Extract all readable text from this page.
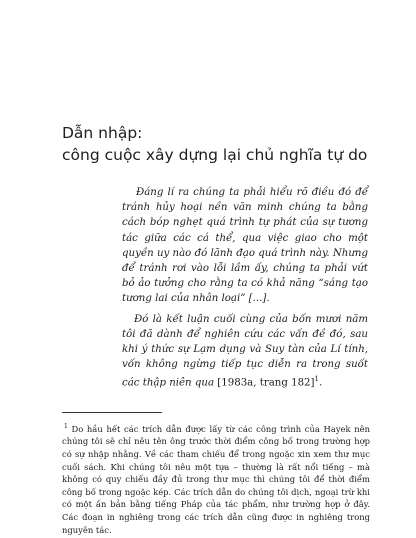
Dẫn nhập:
công cuộc xây dựng lại chủ nghĩa tự do

Đáng lí ra chúng ta phải hiểu rõ điều đó để tránh hủy hoại nền văn minh chúng ta bằng cách bóp nghẹt quá trình tự phát của sự tương tác giữa các cá thể, qua việc giao cho một quyền uy nào đó lãnh đạo quá trình này. Nhưng để tránh rơi vào lỗi lầm ấy, chúng ta phải vứt bỏ ảo tưởng cho rằng ta có khả năng “sáng tạo tương lai của nhân loại” [...].

Đó là kết luận cuối cùng của bốn mươi năm tôi đã dành để nghiên cứu các vấn đề đó, sau khi ý thức sự Lạm dụng và Suy tàn của Lí tính, vốn không ngừng tiếp tục diễn ra trong suốt các thập niên qua [1983a, trang 182]$^1$.

$^1$ Do hầu hết các trích dẫn được lấy từ các công trình của Hayek nên chúng tôi sẽ chỉ nêu tên ông trước thời điểm công bố trong trường hợp có sự nhập nhằng. Về các tham chiếu để trong ngoặc xin xem thư mục cuối sách. Khi chúng tôi nêu một tựa – thường là rất nổi tiếng – mà không có quy chiếu đầy đủ trong thư mục thì chúng tôi để thời điểm công bố trong ngoặc kép. Các trích dẫn do chúng tôi dịch, ngoại trừ khi có một ấn bản bằng tiếng Pháp của tác phẩm, như trường hợp ở đây. Các đoạn in nghiêng trong các trích dẫn cũng được in nghiêng trong nguyên tác.
